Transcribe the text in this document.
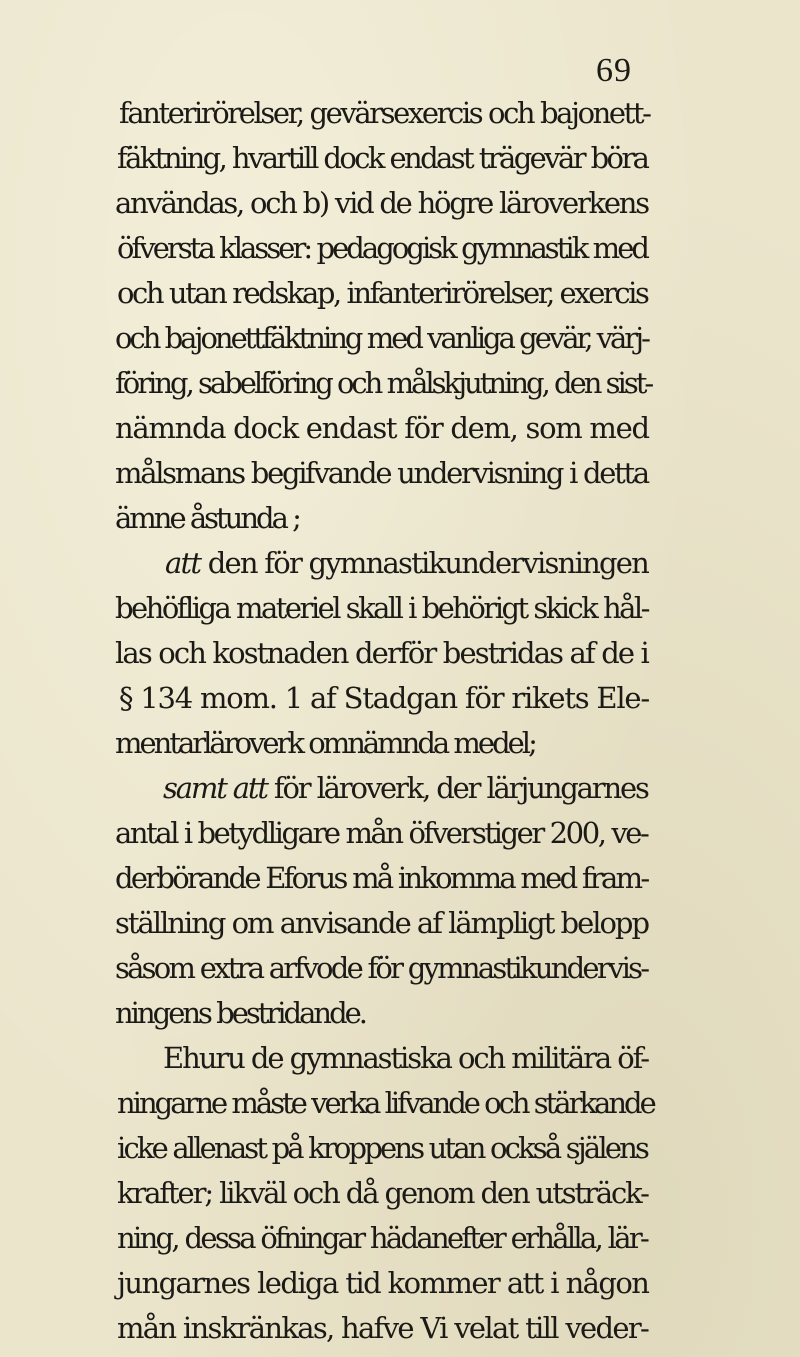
69
fanterirörelser, gevärsexercis och bajonett-
fäktning, hvartill dock endast trägevär böra
användas, och b) vid de högre läroverkens
öfversta klasser: pedagogisk gymnastik med
och utan redskap, infanterirörelser, exercis
och bajonettfäktning med vanliga gevär, värj-
föring, sabelföring och målskjutning, den sist-
nämnda dock endast för dem, som med
målsmans begifvande undervisning i detta
ämne åstunda ;
att den för gymnastikundervisningen
behöfliga materiel skall i behörigt skick hål-
las och kostnaden derför bestridas af de i
§ 134 mom. 1 af Stadgan för rikets Ele-
mentarläroverk omnämnda medel;
samt att för läroverk, der lärjungarnes
antal i betydligare mån öfverstiger 200, ve-
derbörande Eforus må inkomma med fram-
ställning om anvisande af lämpligt belopp
såsom extra arfvode för gymnastikundervis-
ningens bestridande.
Ehuru de gymnastiska och militära öf-
ningarne måste verka lifvande och stärkande
icke allenast på kroppens utan också själens
krafter; likväl och då genom den utsträck-
ning, dessa öfningar hädanefter erhålla, lär-
jungarnes lediga tid kommer att i någon
mån inskränkas, hafve Vi velat till veder-
